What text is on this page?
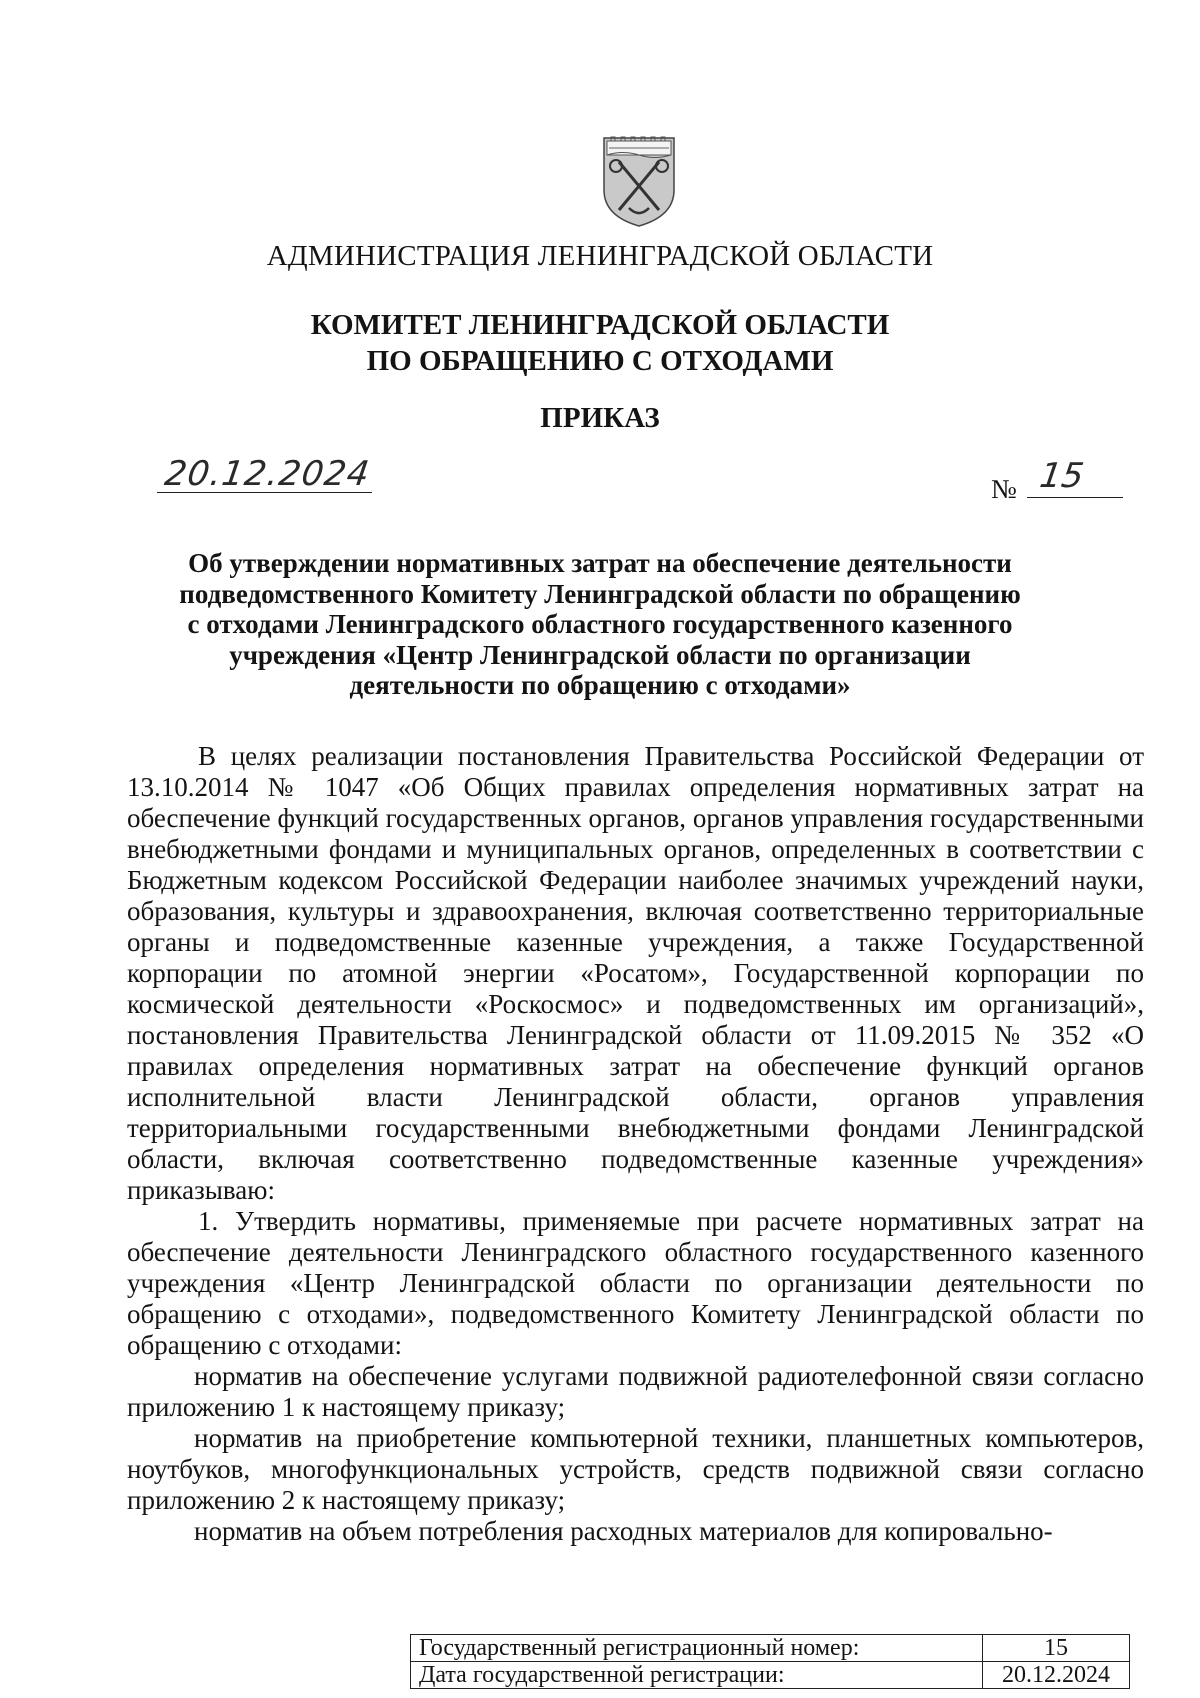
АДМИНИСТРАЦИЯ ЛЕНИНГРАДСКОЙ ОБЛАСТИ
КОМИТЕТ ЛЕНИНГРАДСКОЙ ОБЛАСТИ
ПО ОБРАЩЕНИЮ С ОТХОДАМИ
ПРИКАЗ
20.12.2024	№ 15
Об утверждении нормативных затрат на обеспечение деятельности
подведомственного Комитету Ленинградской области по обращению
с отходами Ленинградского областного государственного казенного
учреждения «Центр Ленинградской области по организации
деятельности по обращению с отходами»

В целях реализации постановления Правительства Российской Федерации от 13.10.2014 № 1047 «Об Общих правилах определения нормативных затрат на обеспечение функций государственных органов, органов управления государственными внебюджетными фондами и муниципальных органов, определенных в соответствии с Бюджетным кодексом Российской Федерации наиболее значимых учреждений науки, образования, культуры и здравоохранения, включая соответственно территориальные органы и подведомственные казенные учреждения, а также Государственной корпорации по атомной энергии «Росатом», Государственной корпорации по космической деятельности «Роскосмос» и подведомственных им организаций», постановления Правительства Ленинградской области от 11.09.2015 № 352 «О правилах определения нормативных затрат на обеспечение функций органов исполнительной власти Ленинградской области, органов управления территориальными государственными внебюджетными фондами Ленинградской области, включая соответственно подведомственные казенные учреждения» приказываю:

1. Утвердить нормативы, применяемые при расчете нормативных затрат на обеспечение деятельности Ленинградского областного государственного казенного учреждения «Центр Ленинградской области по организации деятельности по обращению с отходами», подведомственного Комитету Ленинградской области по обращению с отходами:

норматив на обеспечение услугами подвижной радиотелефонной связи согласно приложению 1 к настоящему приказу;

норматив на приобретение компьютерной техники, планшетных компьютеров, ноутбуков, многофункциональных устройств, средств подвижной связи согласно приложению 2 к настоящему приказу;

норматив на объем потребления расходных материалов для копировально-

Государственный регистрационный номер:	15
Дата государственной регистрации:	20.12.2024
